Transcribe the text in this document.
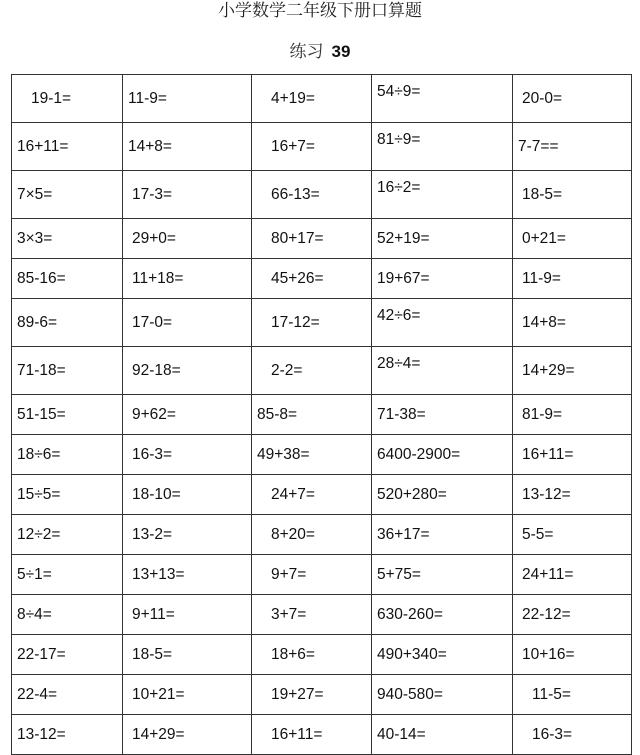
小学数学二年级下册口算题
练习 39
19-1=	11-9=	4+19=	54÷9=	20-0=
16+11=	14+8=	16+7=	81÷9=	7-7==
7×5=	17-3=	66-13=	16÷2=	18-5=
3×3=	29+0=	80+17=	52+19=	0+21=
85-16=	11+18=	45+26=	19+67=	11-9=
89-6=	17-0=	17-12=	42÷6=	14+8=
71-18=	92-18=	2-2=	28÷4=	14+29=
51-15=	9+62=	85-8=	71-38=	81-9=
18÷6=	16-3=	49+38=	6400-2900=	16+11=
15÷5=	18-10=	24+7=	520+280=	13-12=
12÷2=	13-2=	8+20=	36+17=	5-5=
5÷1=	13+13=	9+7=	5+75=	24+11=
8÷4=	9+11=	3+7=	630-260=	22-12=
22-17=	18-5=	18+6=	490+340=	10+16=
22-4=	10+21=	19+27=	940-580=	11-5=
13-12=	14+29=	16+11=	40-14=	16-3=
